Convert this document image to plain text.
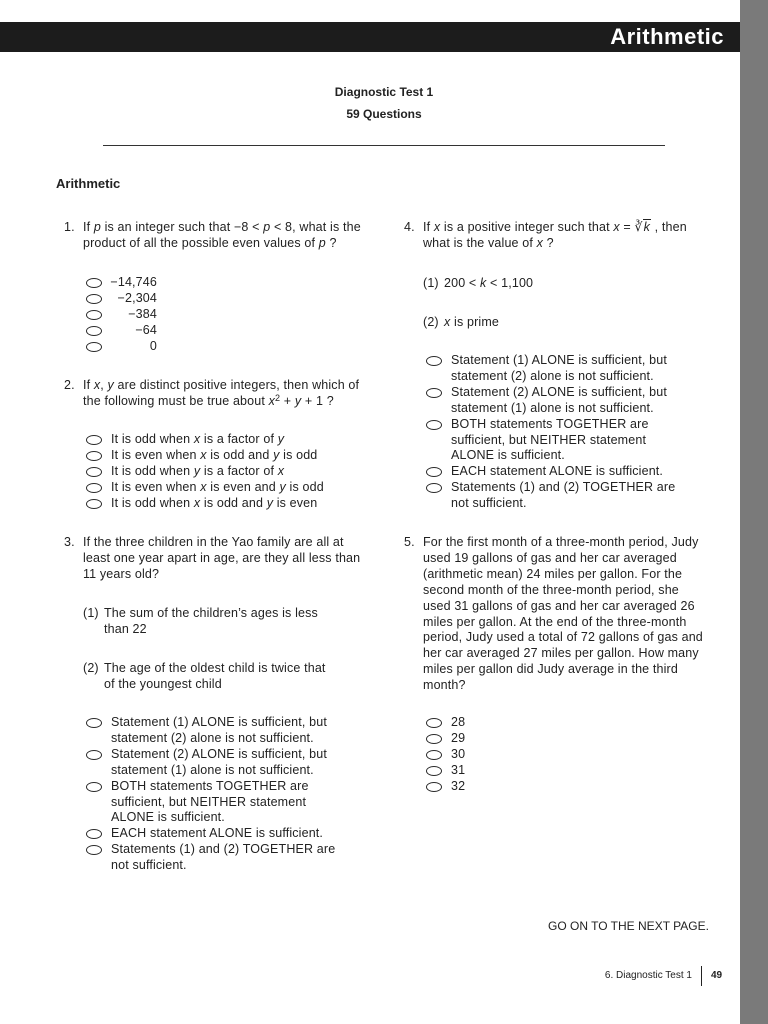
Arithmetic
Diagnostic Test 1
59 Questions
Arithmetic
1. If p is an integer such that −8 < p < 8, what is the
product of all the possible even values of p ?
−14,746
−2,304
−384
−64
0
2. If x, y are distinct positive integers, then which of
the following must be true about $x^2 + y + 1$ ?
It is odd when x is a factor of y
It is even when x is odd and y is odd
It is odd when y is a factor of x
It is even when x is even and y is odd
It is odd when x is odd and y is even
3. If the three children in the Yao family are all at
least one year apart in age, are they all less than
11 years old?
(1) The sum of the children’s ages is less
than 22
(2) The age of the oldest child is twice that
of the youngest child
Statement (1) ALONE is sufficient, but
statement (2) alone is not sufficient.
Statement (2) ALONE is sufficient, but
statement (1) alone is not sufficient.
BOTH statements TOGETHER are
sufficient, but NEITHER statement
ALONE is sufficient.
EACH statement ALONE is sufficient.
Statements (1) and (2) TOGETHER are
not sufficient.
4. If x is a positive integer such that x = ∛k , then
what is the value of x ?
(1) 200 < k < 1,100
(2) x is prime
Statement (1) ALONE is sufficient, but
statement (2) alone is not sufficient.
Statement (2) ALONE is sufficient, but
statement (1) alone is not sufficient.
BOTH statements TOGETHER are
sufficient, but NEITHER statement
ALONE is sufficient.
EACH statement ALONE is sufficient.
Statements (1) and (2) TOGETHER are
not sufficient.
5. For the first month of a three-month period, Judy
used 19 gallons of gas and her car averaged
(arithmetic mean) 24 miles per gallon. For the
second month of the three-month period, she
used 31 gallons of gas and her car averaged 26
miles per gallon. At the end of the three-month
period, Judy used a total of 72 gallons of gas and
her car averaged 27 miles per gallon. How many
miles per gallon did Judy average in the third
month?
28
29
30
31
32
GO ON TO THE NEXT PAGE.
6. Diagnostic Test 1 49
